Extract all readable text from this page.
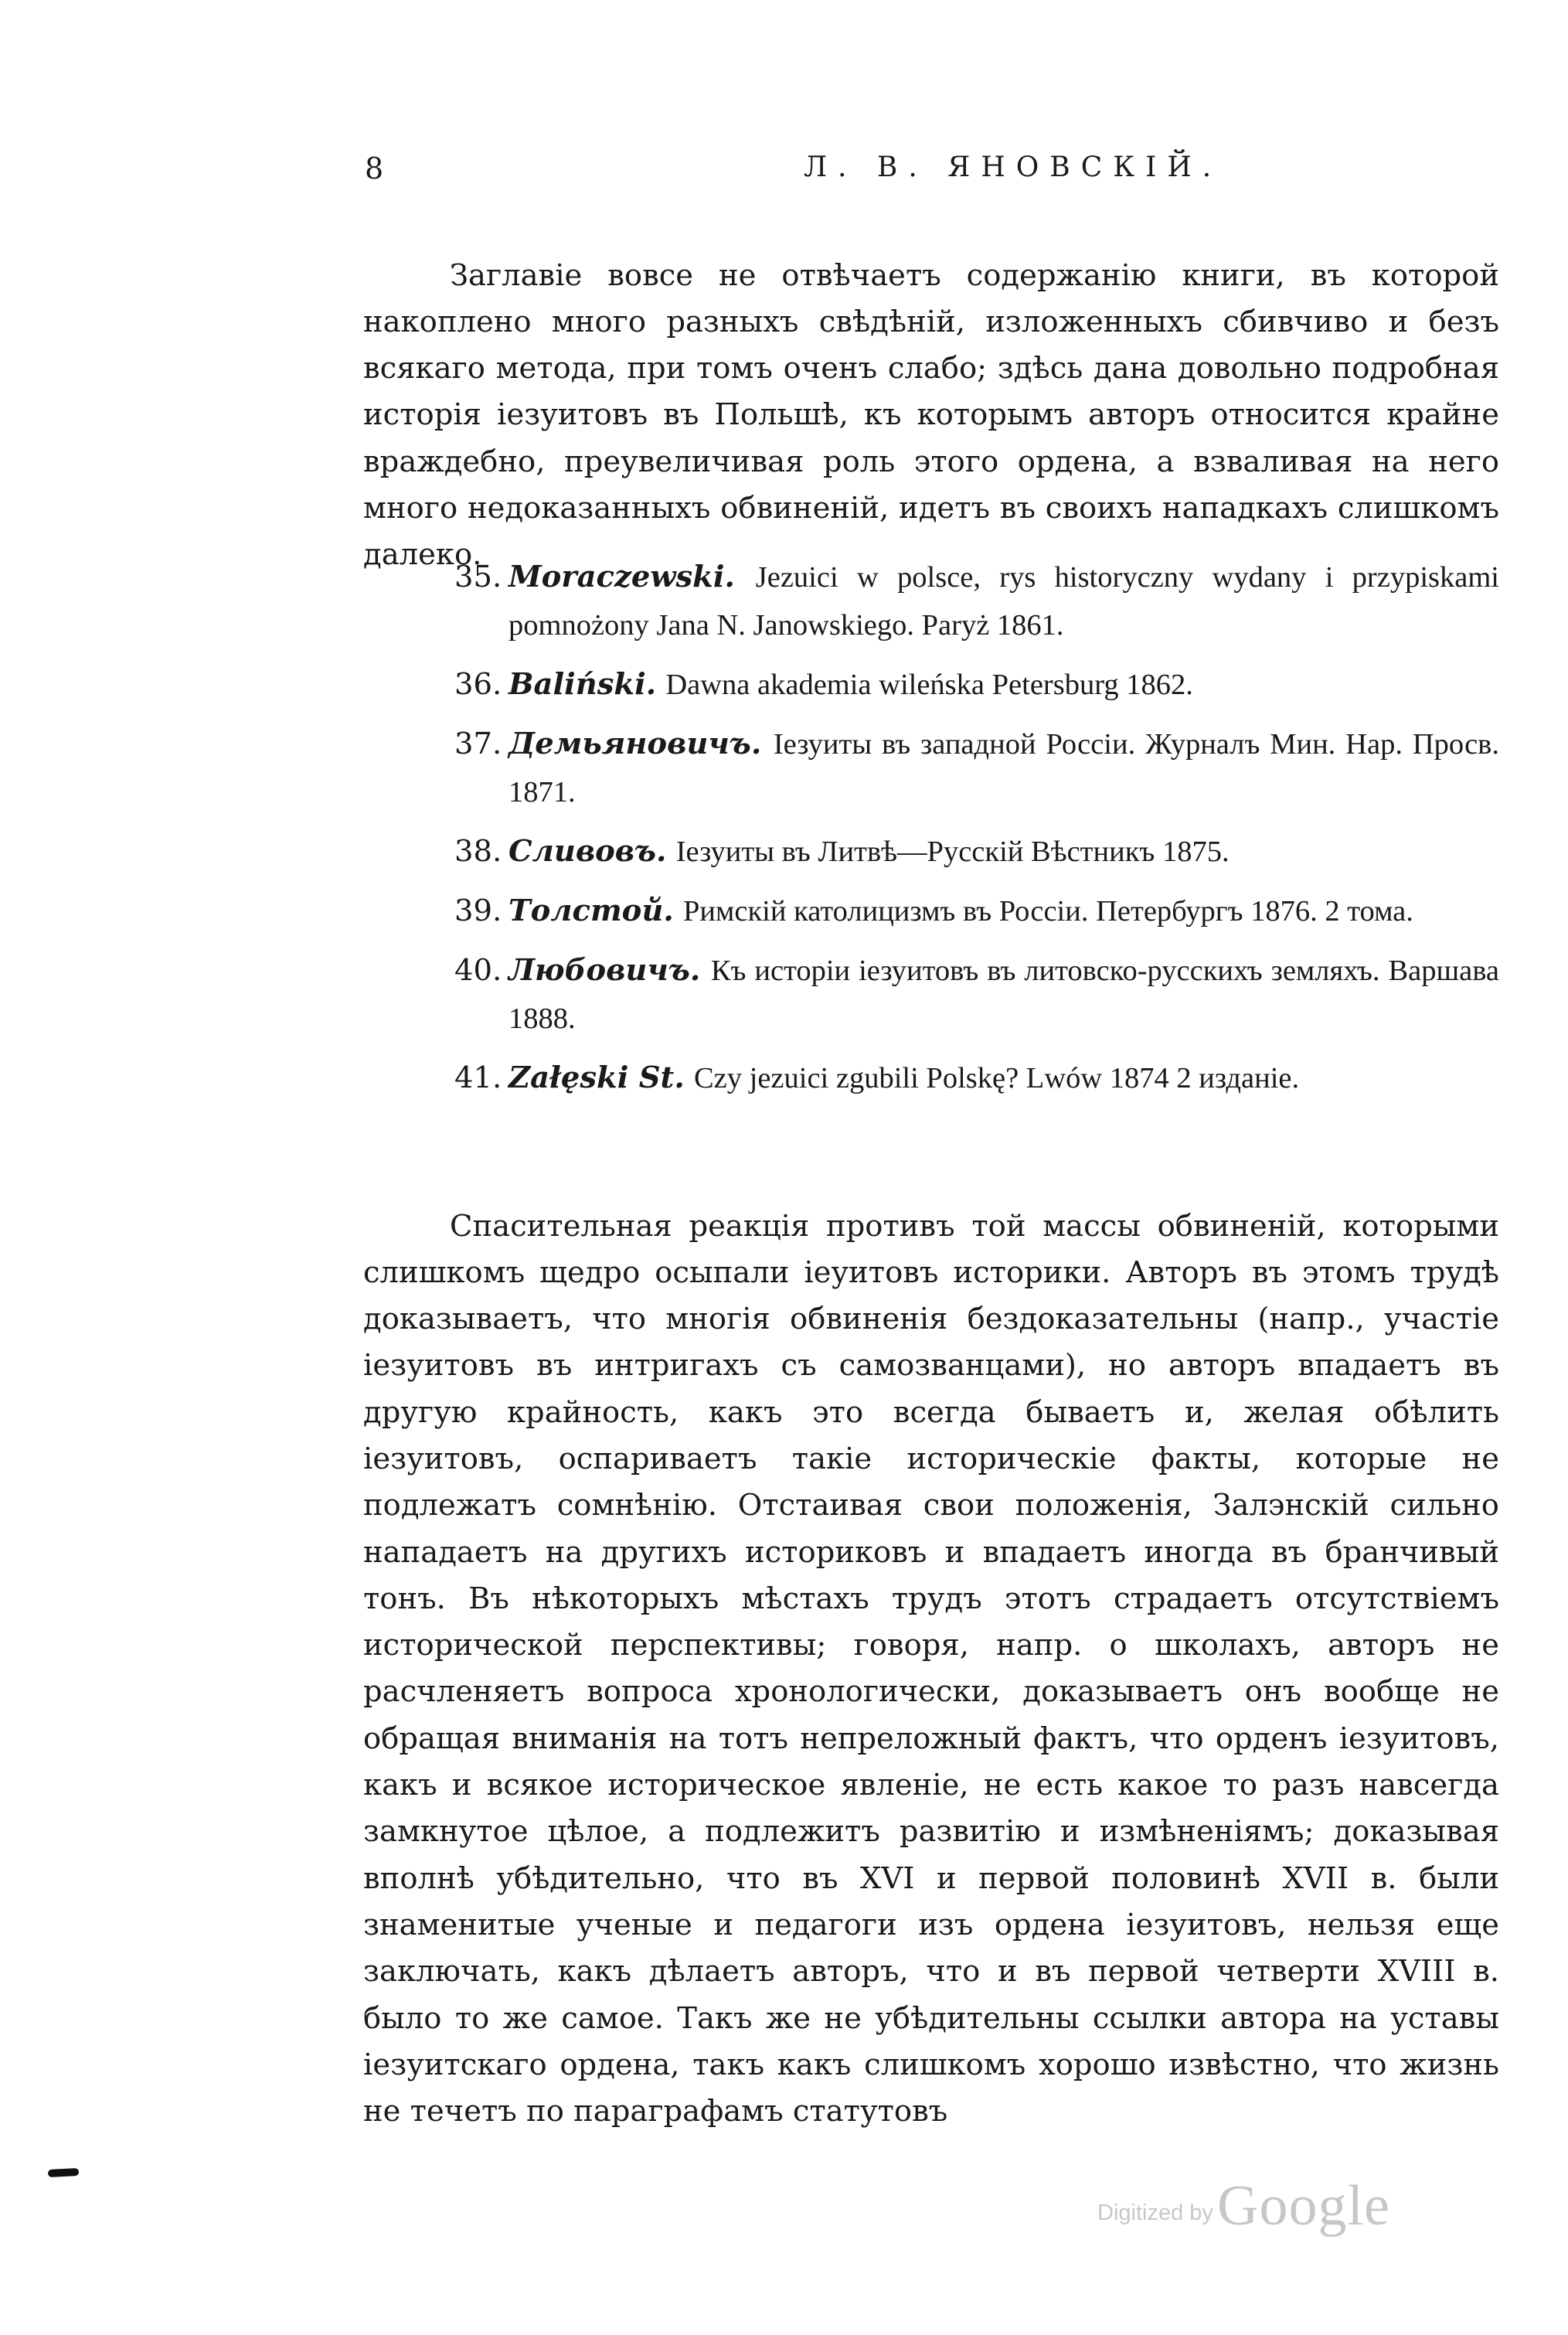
8	Л. В. ЯНОВСКІЙ.

Заглавіе вовсе не отвѣчаетъ содержанію книги, въ которой накоплено много разныхъ свѣдѣній, изложенныхъ сбивчиво и безъ всякаго метода, при томъ оченъ слабо; здѣсь дана довольно подробная исторія іезуитовъ въ Польшѣ, къ которымъ авторъ относится крайне враждебно, преувеличивая роль этого ордена, а взваливая на него много недоказанныхъ обвиненій, идетъ въ своихъ нападкахъ слишкомъ далеко.

35. Moraczewski. Jezuici w polsce, rys historyczny wydany i przypiskami pomnożony Jana N. Janowskiego. Paryż 1861.
36. Baliński. Dawna akademia wileńska Petersburg 1862.
37. Демьяновичъ. Іезуиты въ западной Россіи. Журналъ Мин. Нар. Просв. 1871.
38. Сливовъ. Іезуиты въ Литвѣ—Русскій Вѣстникъ 1875.
39. Толстой. Римскій католицизмъ въ Россіи. Петербургъ 1876. 2 тома.
40. Любовичъ. Къ исторіи іезуитовъ въ литовско-русскихъ земляхъ. Варшава 1888.
41. Załęski St. Czy jezuici zgubili Polskę? Lwów 1874 2 изданіе.

Спасительная реакція противъ той массы обвиненій, которыми слишкомъ щедро осыпали іеуитовъ историки. Авторъ въ этомъ трудѣ доказываетъ, что многія обвиненія бездоказательны (напр., участіе іезуитовъ въ интригахъ съ самозванцами), но авторъ впадаетъ въ другую крайность, какъ это всегда бываетъ и, желая обѣлить іезуитовъ, оспариваетъ такіе историческіе факты, которые не подлежатъ сомнѣнію. Отстаивая свои положенія, Залэнскій сильно нападаетъ на другихъ историковъ и впадаетъ иногда въ бранчивый тонъ. Въ нѣкоторыхъ мѣстахъ трудъ этотъ страдаетъ отсутствіемъ исторической перспективы; говоря, напр. о школахъ, авторъ не расчленяетъ вопроса хронологически, доказываетъ онъ вообще не обращая вниманія на тотъ непреложный фактъ, что орденъ іезуитовъ, какъ и всякое историческое явленіе, не есть какое то разъ навсегда замкнутое цѣлое, а подлежитъ развитію и измѣненіямъ; доказывая вполнѣ убѣдительно, что въ XVI и первой половинѣ XVII в. были знаменитые ученые и педагоги изъ ордена іезуитовъ, нельзя еще заключать, какъ дѣлаетъ авторъ, что и въ первой четверти XVIII в. было то же самое. Такъ же не убѣдительны ссылки автора на уставы іезуитскаго ордена, такъ какъ слишкомъ хорошо извѣстно, что жизнь не течетъ по параграфамъ статутовъ

Digitized by Google
